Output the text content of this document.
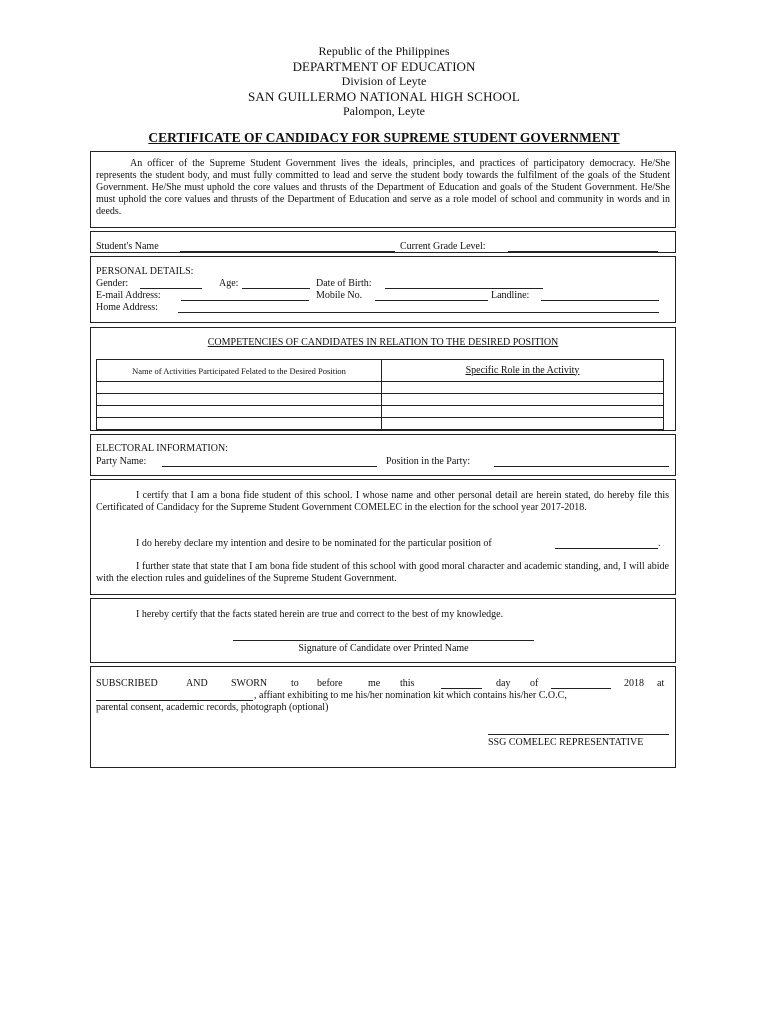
Republic of the Philippines
DEPARTMENT OF EDUCATION
Division of Leyte
SAN GUILLERMO NATIONAL HIGH SCHOOL
Palompon, Leyte
CERTIFICATE OF CANDIDACY FOR SUPREME STUDENT GOVERNMENT
An officer of the Supreme Student Government lives the ideals, principles, and practices of participatory democracy. He/She represents the student body, and must fully committed to lead and serve the student body towards the fulfilment of the goals of the Student Government. He/She must uphold the core values and thrusts of the Department of Education and goals of the Student Government. He/She must uphold the core values and thrusts of the Department of Education and serve as a role model of school and community in words and in deeds.
Student's Name	Current Grade Level:
PERSONAL DETAILS:
Gender:	Age:	Date of Birth:
E-mail Address:	Mobile No.	Landline:
Home Address:
COMPETENCIES OF CANDIDATES IN RELATION TO THE DESIRED POSITION
Name of Activities Participated Felated to the Desired Position	Specific Role in the Activity

ELECTORAL INFORMATION:
Party Name:	Position in the Party:
I certify that I am a bona fide student of this school. I whose name and other personal detail are herein stated, do hereby file this Certificated of Candidacy for the Supreme Student Government COMELEC in the election for the school year 2017-2018.
I do hereby declare my intention and desire to be nominated for the particular position of	.
I further state that state that I am bona fide student of this school with good moral character and academic standing, and, I will abide with the election rules and guidelines of the Supreme Student Government.
I hereby certify that the facts stated herein are true and correct to the best of my knowledge.
Signature of Candidate over Printed Name
SUBSCRIBED	AND SWORN to before	me this	day of	2018 at
, affiant exhibiting to me his/her nomination kit which contains his/her C.O.C,
parental consent, academic records, photograph (optional)
SSG COMELEC REPRESENTATIVE
